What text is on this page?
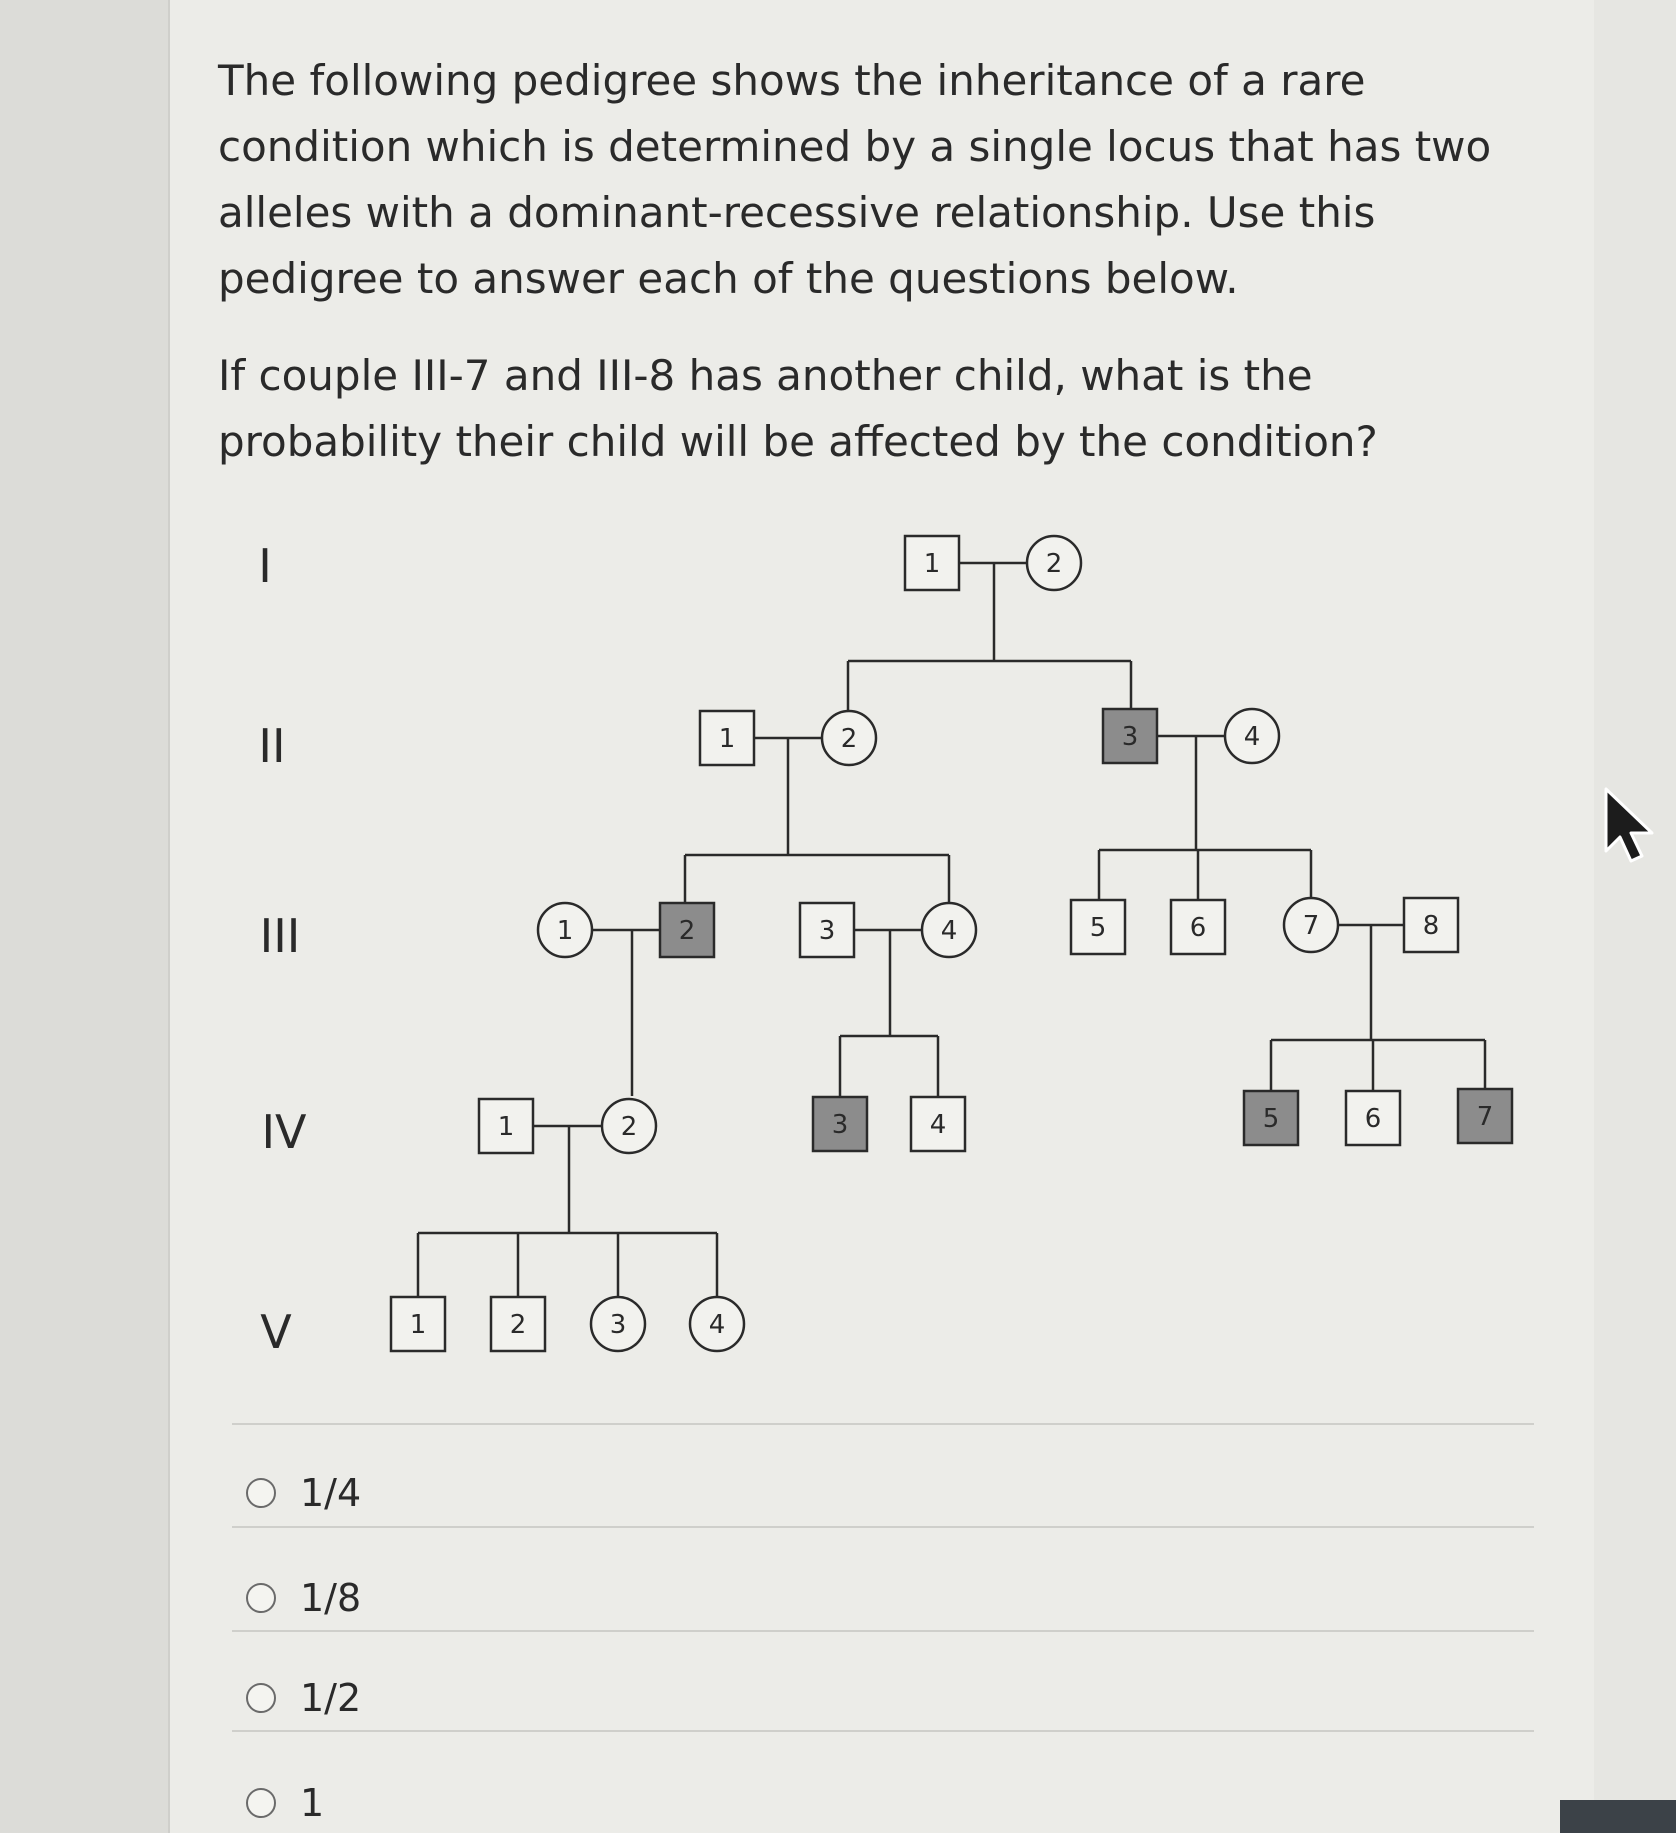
The following pedigree shows the inheritance of a rare condition which is determined by a single locus that has two alleles with a dominant-recessive relationship. Use this pedigree to answer each of the questions below.

If couple III-7 and III-8 has another child, what is the probability their child will be affected by the condition?

I
II
III
IV
V
1	2
1	2	3	4
1	2	3	4	5	6	7	8
1	2	3	4	5	6	7
1	2	3	4
1/4
1/8
1/2
1
